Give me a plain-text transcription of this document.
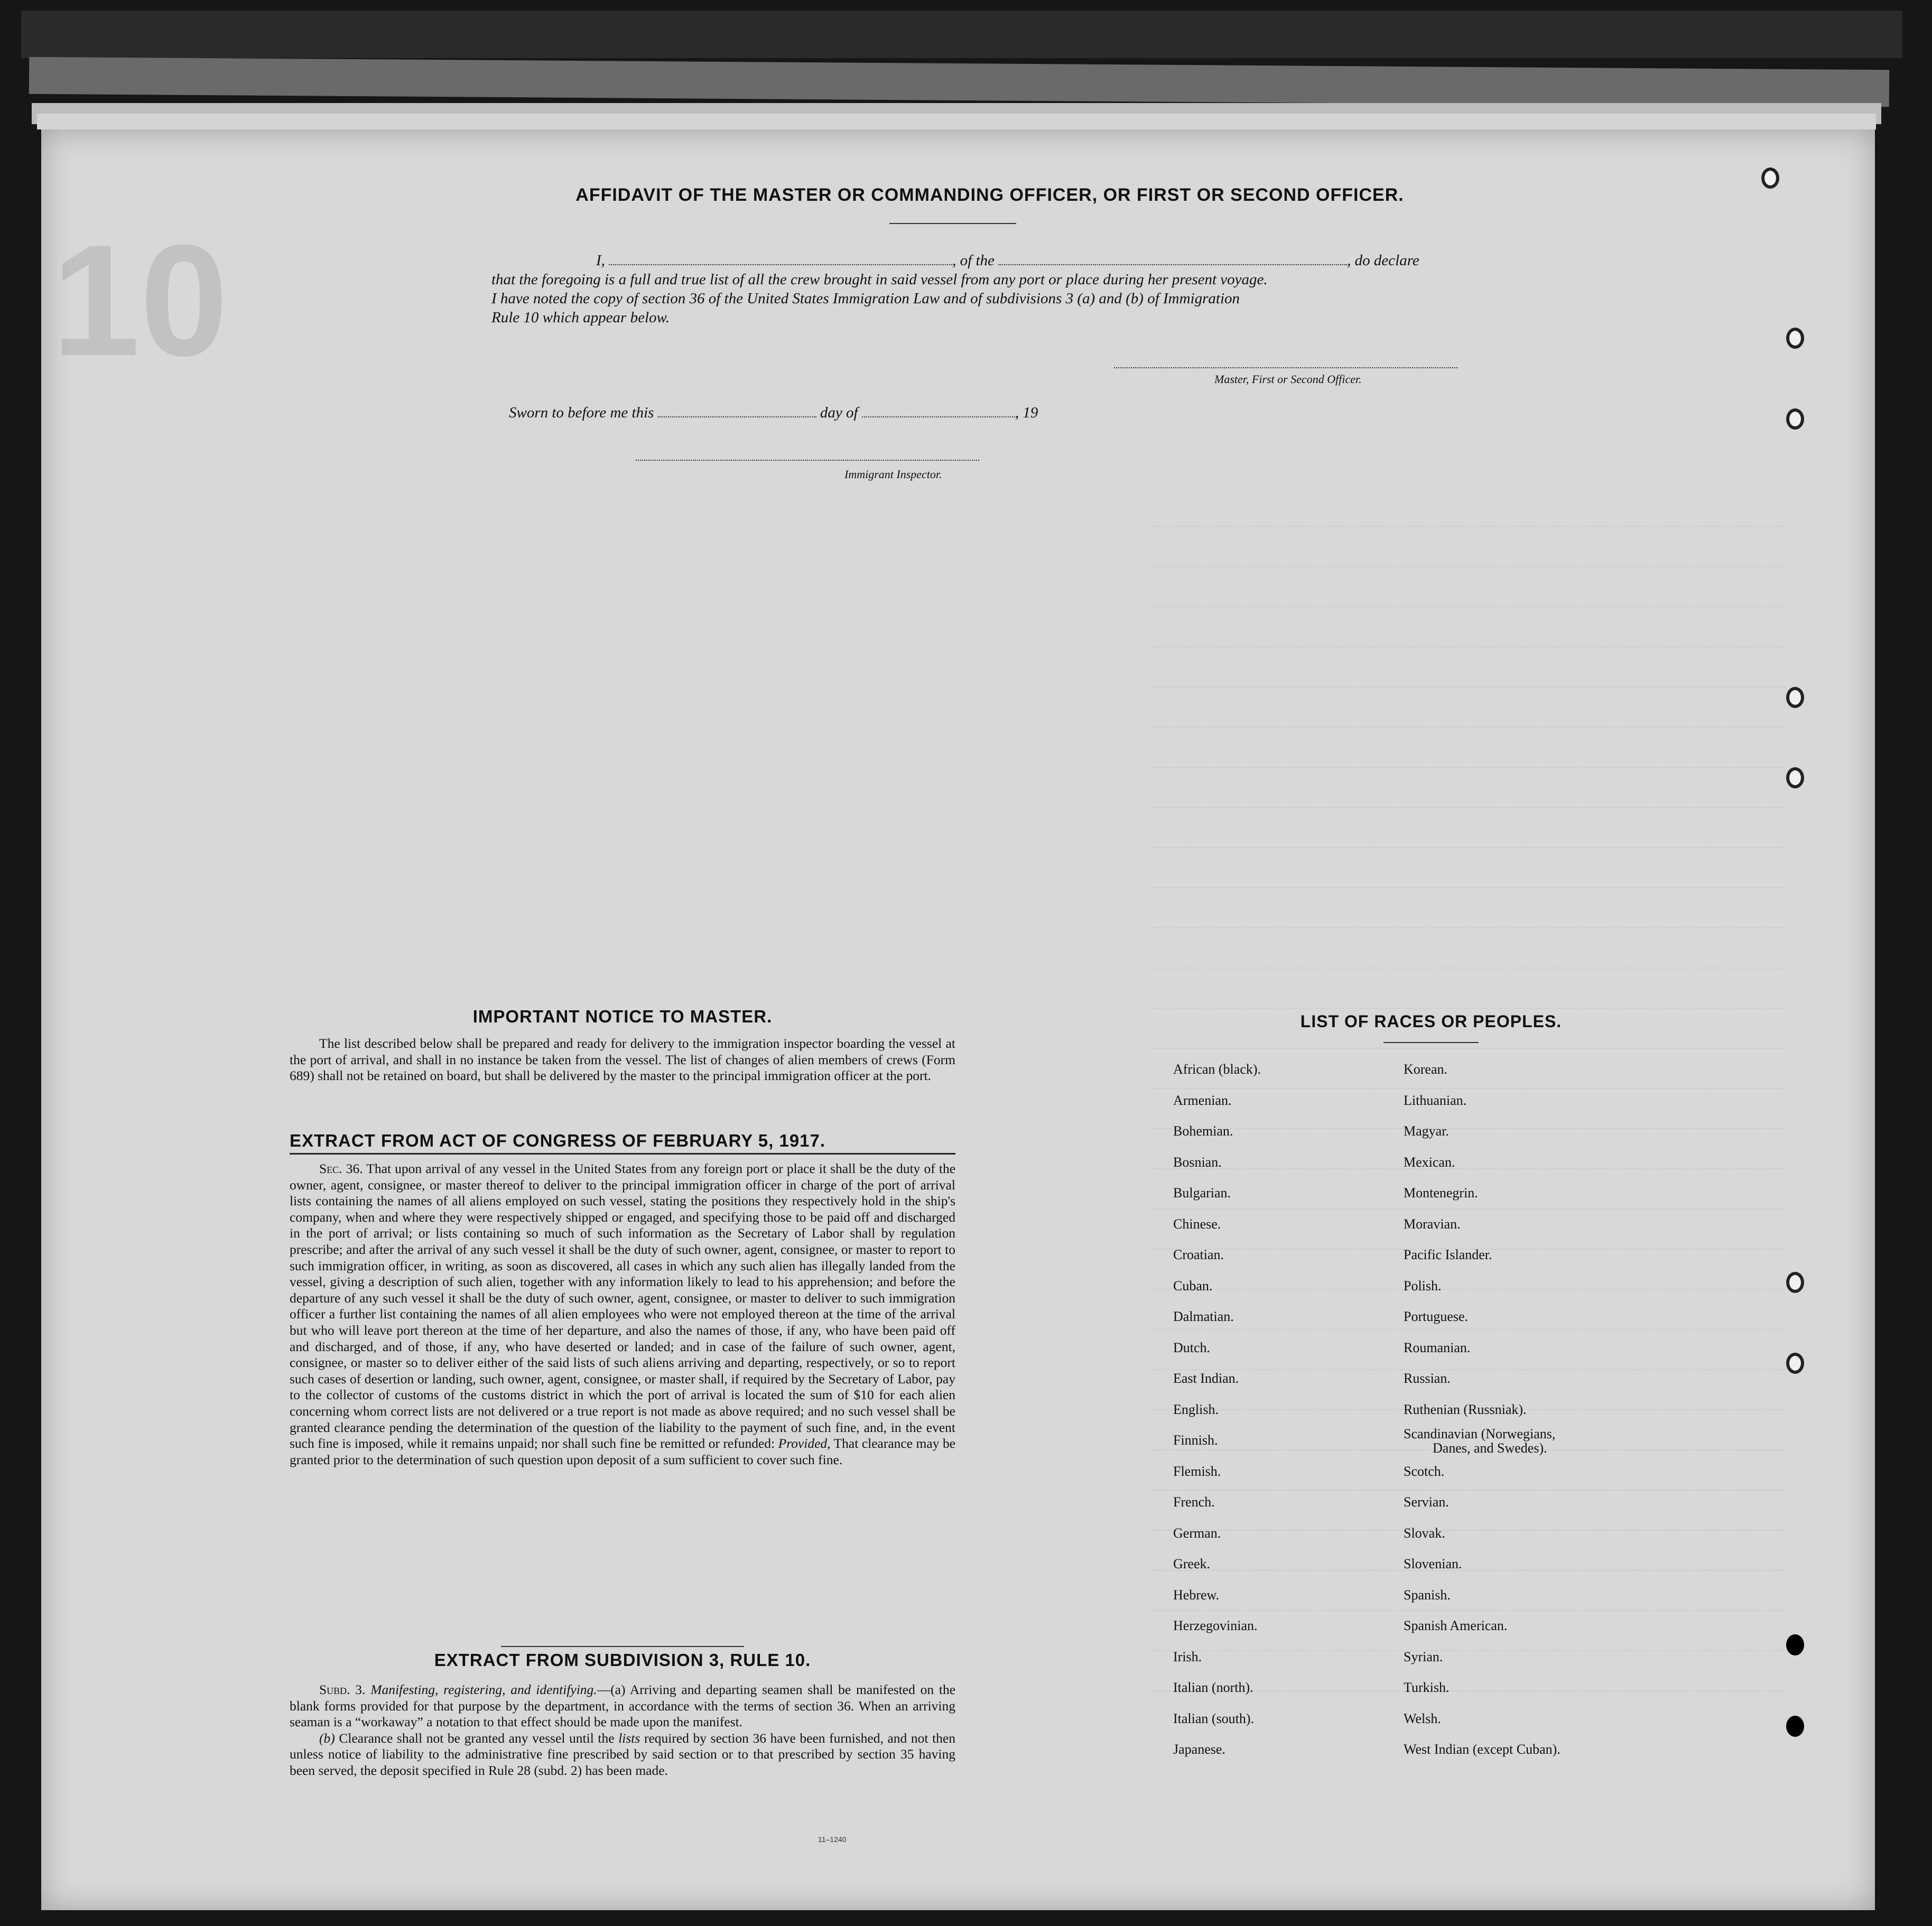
10
AFFIDAVIT OF THE MASTER OR COMMANDING OFFICER, OR FIRST OR SECOND OFFICER.
I,	, of the	, do declare
that the foregoing is a full and true list of all the crew brought in said vessel from any port or place during her present voyage.
I have noted the copy of section 36 of the United States Immigration Law and of subdivisions 3 (a) and (b) of Immigration
Rule 10 which appear below.
Master, First or Second Officer.
Sworn to before me this	day of	, 19
Immigrant Inspector.
IMPORTANT NOTICE TO MASTER.

The list described below shall be prepared and ready for delivery to the immigration inspector boarding the vessel at the port of arrival, and shall in no instance be taken from the vessel. The list of changes of alien members of crews (Form 689) shall not be retained on board, but shall be delivered by the master to the principal immigration officer at the port.

EXTRACT FROM ACT OF CONGRESS OF FEBRUARY 5, 1917.

Sec. 36. That upon arrival of any vessel in the United States from any foreign port or place it shall be the duty of the owner, agent, consignee, or master thereof to deliver to the principal immigration officer in charge of the port of arrival lists containing the names of all aliens employed on such vessel, stating the positions they respectively hold in the ship's company, when and where they were respectively shipped or engaged, and specifying those to be paid off and discharged in the port of arrival; or lists containing so much of such information as the Secretary of Labor shall by regulation prescribe; and after the arrival of any such vessel it shall be the duty of such owner, agent, consignee, or master to report to such immigration officer, in writing, as soon as discovered, all cases in which any such alien has illegally landed from the vessel, giving a description of such alien, together with any information likely to lead to his apprehension; and before the departure of any such vessel it shall be the duty of such owner, agent, consignee, or master to deliver to such immigration officer a further list containing the names of all alien employees who were not employed thereon at the time of the arrival but who will leave port thereon at the time of her departure, and also the names of those, if any, who have been paid off and discharged, and of those, if any, who have deserted or landed; and in case of the failure of such owner, agent, consignee, or master so to deliver either of the said lists of such aliens arriving and departing, respectively, or so to report such cases of desertion or landing, such owner, agent, consignee, or master shall, if required by the Secretary of Labor, pay to the collector of customs of the customs district in which the port of arrival is located the sum of $10 for each alien concerning whom correct lists are not delivered or a true report is not made as above required; and no such vessel shall be granted clearance pending the determination of the question of the liability to the payment of such fine, and, in the event such fine is imposed, while it remains unpaid; nor shall such fine be remitted or refunded: Provided, That clearance may be granted prior to the determination of such question upon deposit of a sum sufficient to cover such fine.

EXTRACT FROM SUBDIVISION 3, RULE 10.

Subd. 3. Manifesting, registering, and identifying.—(a) Arriving and departing seamen shall be manifested on the blank forms provided for that purpose by the department, in accordance with the terms of section 36. When an arriving seaman is a “workaway” a notation to that effect should be made upon the manifest.

(b) Clearance shall not be granted any vessel until the lists required by section 36 have been furnished, and not then unless notice of liability to the administrative fine prescribed by said section or to that prescribed by section 35 having been served, the deposit specified in Rule 28 (subd. 2) has been made.

11–1240
LIST OF RACES OR PEOPLES.
African (black).
Armenian.
Bohemian.
Bosnian.
Bulgarian.
Chinese.
Croatian.
Cuban.
Dalmatian.
Dutch.
East Indian.
English.
Finnish.
Flemish.
French.
German.
Greek.
Hebrew.
Herzegovinian.
Irish.
Italian (north).
Italian (south).
Japanese.
Korean.
Lithuanian.
Magyar.
Mexican.
Montenegrin.
Moravian.
Pacific Islander.
Polish.
Portuguese.
Roumanian.
Russian.
Ruthenian (Russniak).
Scandinavian (Norwegians,
Danes, and Swedes).
Scotch.
Servian.
Slovak.
Slovenian.
Spanish.
Spanish American.
Syrian.
Turkish.
Welsh.
West Indian (except Cuban).
